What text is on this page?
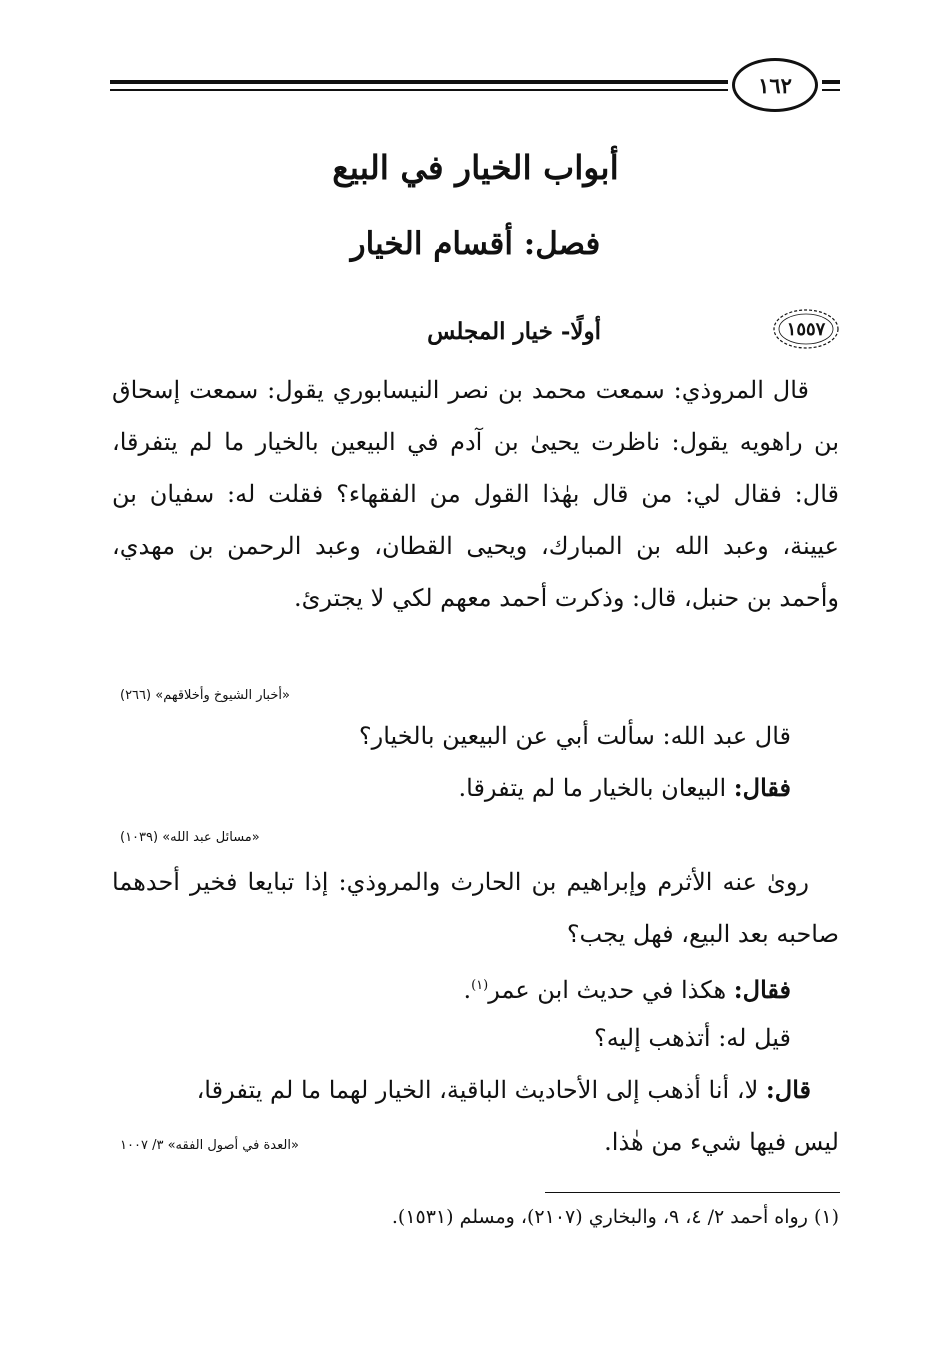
١٦٢
أبواب الخيار في البيع
فصل: أقسام الخيار
١٥٥٧

أولًا- خيار المجلس

قال المروذي: سمعت محمد بن نصر النيسابوري يقول: سمعت إسحاق بن راهويه يقول: ناظرت يحيىٰ بن آدم في البيعين بالخيار ما لم يتفرقا، قال: فقال لي: من قال بهٰذا القول من الفقهاء؟ فقلت له: سفيان بن عيينة، وعبد الله بن المبارك، ويحيى القطان، وعبد الرحمن بن مهدي، وأحمد بن حنبل، قال: وذكرت أحمد معهم لكي لا يجترئ.

«أخبار الشيوخ وأخلاقهم» (٢٦٦)

قال عبد الله: سألت أبي عن البيعين بالخيار؟

فقال: البيعان بالخيار ما لم يتفرقا.

«مسائل عبد الله» (١٠٣٩)

رویٰ عنه الأثرم وإبراهيم بن الحارث والمروذي: إذا تبايعا فخير أحدهما صاحبه بعد البيع، فهل يجب؟

فقال: هكذا في حديث ابن عمر$^{(١)}$.

قيل له: أتذهب إليه؟

قال: لا، أنا أذهب إلى الأحاديث الباقية، الخيار لهما ما لم يتفرقا،

ليس فيها شيء من هٰذا.

«العدة في أصول الفقه» ٣/ ١٠٠٧

(١) رواه أحمد ٢/ ٤، ٩، والبخاري (٢١٠٧)، ومسلم (١٥٣١).
